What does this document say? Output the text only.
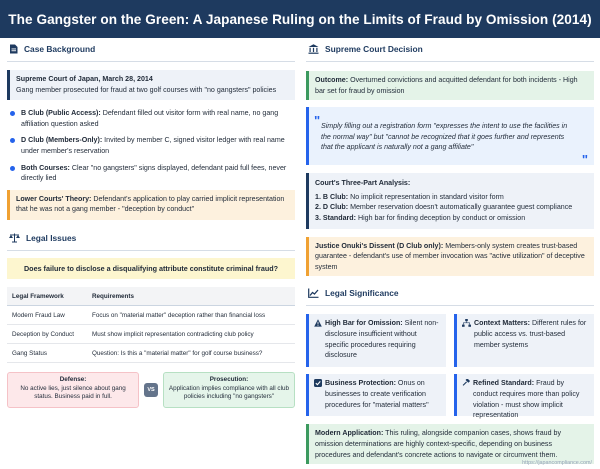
The Gangster on the Green: A Japanese Ruling on the Limits of Fraud by Omission (2014)
Case Background
Supreme Court of Japan, March 28, 2014
Gang member prosecuted for fraud at two golf courses with "no gangsters" policies
B Club (Public Access): Defendant filled out visitor form with real name, no gang affiliation question asked
D Club (Members-Only): Invited by member C, signed visitor ledger with real name under member's reservation
Both Courses: Clear "no gangsters" signs displayed, defendant paid full fees, never directly lied
Lower Courts' Theory: Defendant's application to play carried implicit representation that he was not a gang member - "deception by conduct"
Legal Issues
Does failure to disclose a disqualifying attribute constitute criminal fraud?
Legal Framework	Requirements
Modern Fraud Law	Focus on "material matter" deception rather than financial loss
Deception by Conduct	Must show implicit representation contradicting club policy
Gang Status	Question: Is this a "material matter" for golf course business?
Defense:
No active lies, just silence about gang status. Business paid in full.
VS
Prosecution:
Application implies compliance with all club policies including "no gangsters"
Supreme Court Decision
Outcome: Overturned convictions and acquitted defendant for both incidents - High bar set for fraud by omission
" Simply filling out a registration form "expresses the intent to use the facilities in the normal way" but "cannot be recognized that it goes further and represents that the applicant is naturally not a gang affiliate"
"
Court's Three-Part Analysis:
1. B Club: No implicit representation in standard visitor form
2. D Club: Member reservation doesn't automatically guarantee guest compliance
3. Standard: High bar for finding deception by conduct or omission
Justice Onuki's Dissent (D Club only): Members-only system creates trust-based guarantee - defendant's use of member invocation was "active utilization" of deceptive system
Legal Significance
High Bar for Omission: Silent non-disclosure insufficient without specific procedures requiring disclosure
Context Matters: Different rules for public access vs. trust-based member systems
Business Protection: Onus on businesses to create verification procedures for "material matters"
Refined Standard: Fraud by conduct requires more than policy violation - must show implicit representation
Modern Application: This ruling, alongside companion cases, shows fraud by omission determinations are highly context-specific, depending on business procedures and defendant's concrete actions to navigate or circumvent them.
https://japancompliance.com/
